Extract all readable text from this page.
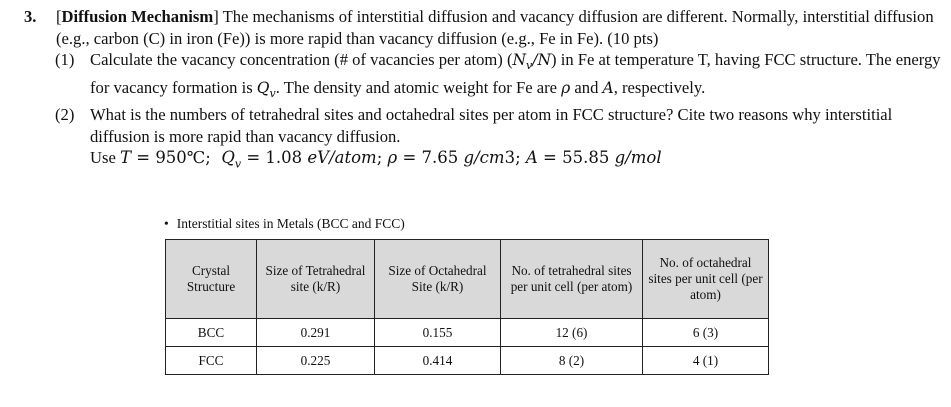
3. [Diffusion Mechanism] The mechanisms of interstitial diffusion and vacancy diffusion are different. Normally, interstitial diffusion (e.g., carbon (C) in iron (Fe)) is more rapid than vacancy diffusion (e.g., Fe in Fe). (10 pts)
(1) Calculate the vacancy concentration (# of vacancies per atom) $(N_v/N)$ in Fe at temperature T, having FCC structure. The energy for vacancy formation is $Q_v$. The density and atomic weight for Fe are ρ and A, respectively.
(2) What is the numbers of tetrahedral sites and octahedral sites per atom in FCC structure? Cite two reasons why interstitial diffusion is more rapid than vacancy diffusion.
Use T = 950℃;  $Q_v = 1.08$ eV/atom; ρ = 7.65 g/cm3; A = 55.85 g/mol
• Interstitial sites in Metals (BCC and FCC)
Crystal Structure	Size of Tetrahedral site (k/R)	Size of Octahedral Site (k/R)	No. of tetrahedral sites per unit cell (per atom)	No. of octahedral sites per unit cell (per atom)
BCC	0.291	0.155	12 (6)	6 (3)
FCC	0.225	0.414	8 (2)	4 (1)
